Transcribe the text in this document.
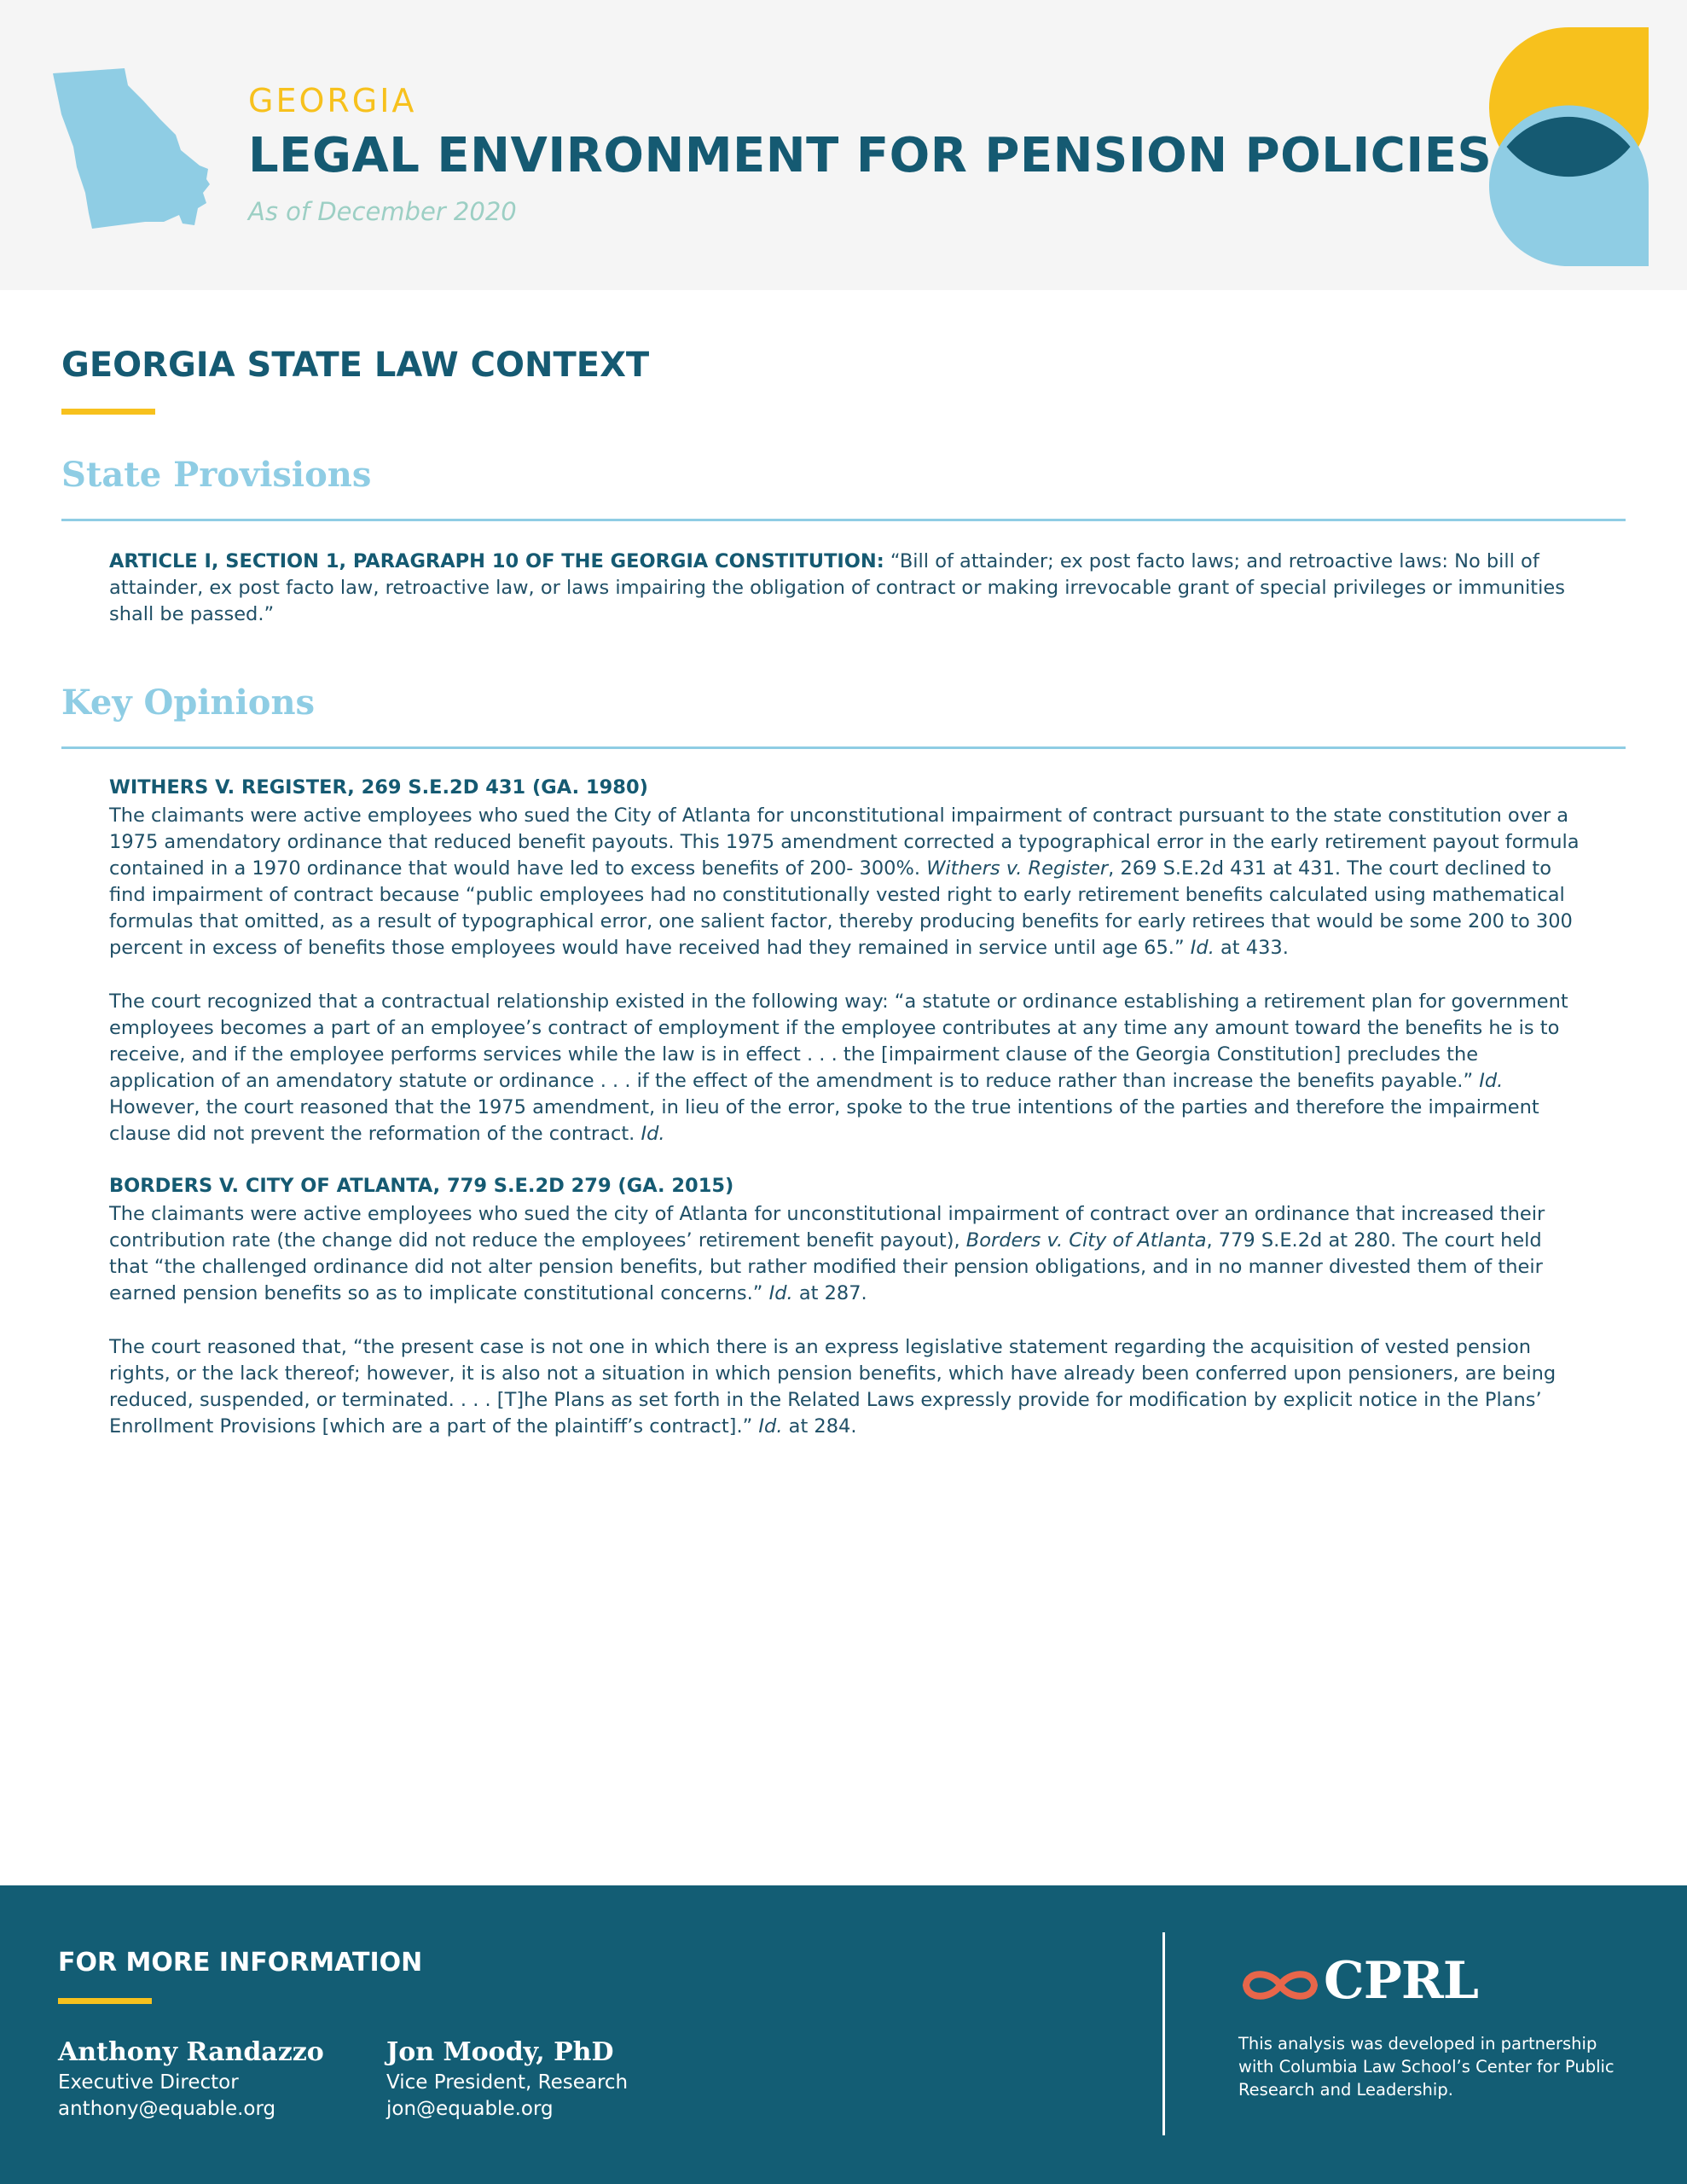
GEORGIA
LEGAL ENVIRONMENT FOR PENSION POLICIES
As of December 2020
GEORGIA STATE LAW CONTEXT
State Provisions

ARTICLE I, SECTION 1, PARAGRAPH 10 OF THE GEORGIA CONSTITUTION: “Bill of attainder; ex post facto laws; and retroactive laws: No bill of attainder, ex post facto law, retroactive law, or laws impairing the obligation of contract or making irrevocable grant of special privileges or immunities shall be passed.”

Key Opinions
WITHERS V. REGISTER, 269 S.E.2D 431 (GA. 1980)

The claimants were active employees who sued the City of Atlanta for unconstitutional impairment of contract pursuant to the state constitution over a 1975 amendatory ordinance that reduced benefit payouts. This 1975 amendment corrected a typographical error in the early retirement payout formula contained in a 1970 ordinance that would have led to excess benefits of 200- 300%. Withers v. Register, 269 S.E.2d 431 at 431. The court declined to find impairment of contract because “public employees had no constitutionally vested right to early retirement benefits calculated using mathematical formulas that omitted, as a result of typographical error, one salient factor, thereby producing benefits for early retirees that would be some 200 to 300 percent in excess of benefits those employees would have received had they remained in service until age 65.” Id. at 433.

The court recognized that a contractual relationship existed in the following way: “a statute or ordinance establishing a retirement plan for government employees becomes a part of an employee’s contract of employment if the employee contributes at any time any amount toward the benefits he is to receive, and if the employee performs services while the law is in effect . . . the [impairment clause of the Georgia Constitution] precludes the application of an amendatory statute or ordinance . . . if the effect of the amendment is to reduce rather than increase the benefits payable.” Id. However, the court reasoned that the 1975 amendment, in lieu of the error, spoke to the true intentions of the parties and therefore the impairment clause did not prevent the reformation of the contract. Id.

BORDERS V. CITY OF ATLANTA, 779 S.E.2D 279 (GA. 2015)

The claimants were active employees who sued the city of Atlanta for unconstitutional impairment of contract over an ordinance that increased their contribution rate (the change did not reduce the employees’ retirement benefit payout), Borders v. City of Atlanta, 779 S.E.2d at 280. The court held that “the challenged ordinance did not alter pension benefits, but rather modified their pension obligations, and in no manner divested them of their earned pension benefits so as to implicate constitutional concerns.” Id. at 287.

The court reasoned that, “the present case is not one in which there is an express legislative statement regarding the acquisition of vested pension rights, or the lack thereof; however, it is also not a situation in which pension benefits, which have already been conferred upon pensioners, are being reduced, suspended, or terminated. . . . [T]he Plans as set forth in the Related Laws expressly provide for modification by explicit notice in the Plans’ Enrollment Provisions [which are a part of the plaintiff’s contract].” Id. at 284.

FOR MORE INFORMATION
Anthony Randazzo
Executive Director
anthony@equable.org
Jon Moody, PhD
Vice President, Research
jon@equable.org
CPRL

This analysis was developed in partnership with Columbia Law School’s Center for Public Research and Leadership.
